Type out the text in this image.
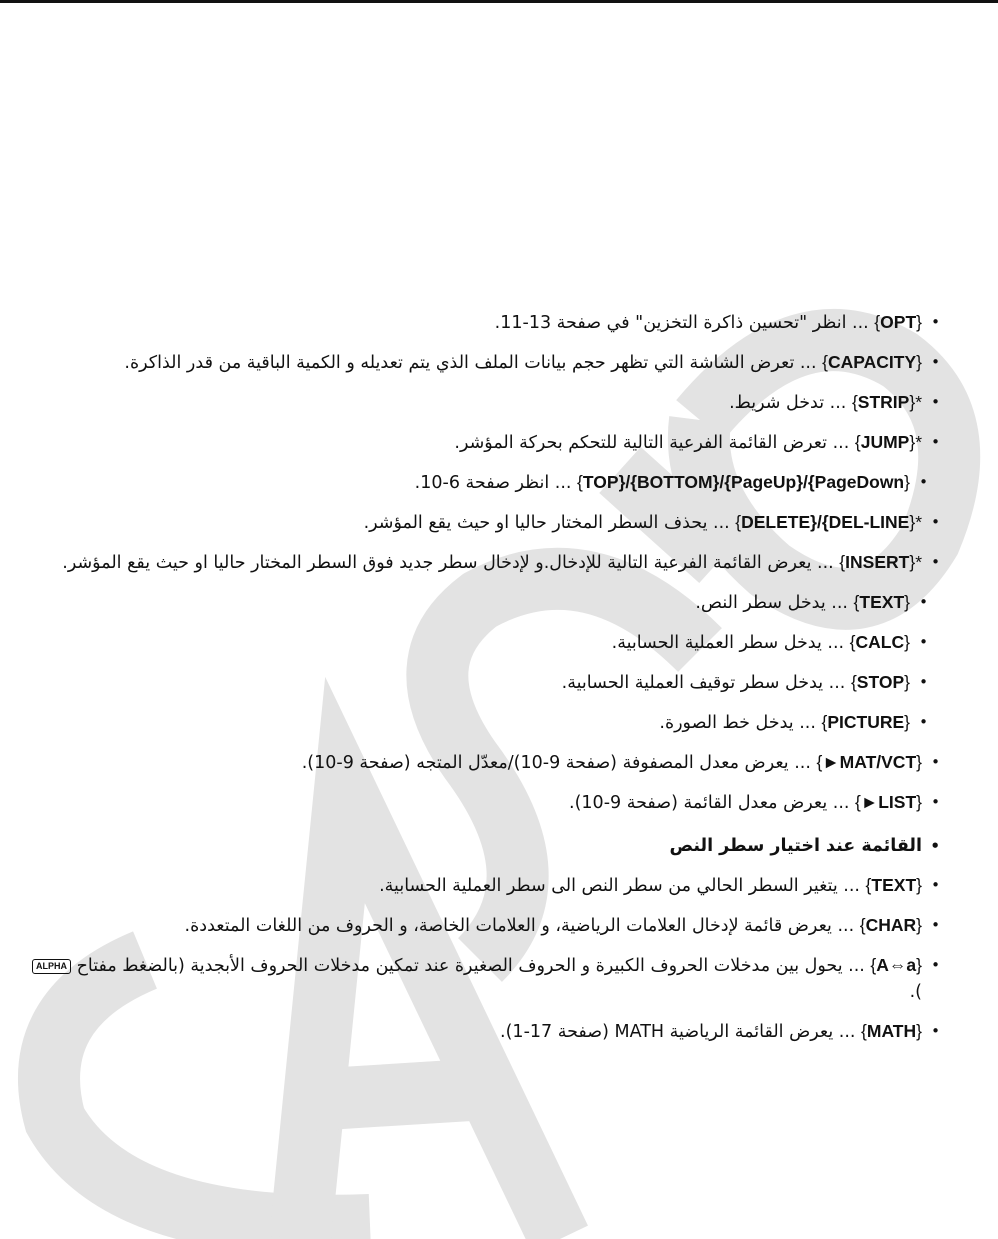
•
{OPT} ... انظر "تحسين ذاكرة التخزين" في صفحة 13-11.

•
{CAPACITY} ... تعرض الشاشة التي تظهر حجم بيانات الملف الذي يتم تعديله و الكمية الباقية من قدر الذاكرة.

•
{STRIP}* ... تدخل شريط.

•
{JUMP}* ... تعرض القائمة الفرعية التالية للتحكم بحركة المؤشر.

•
{TOP}/{BOTTOM}/{PageUp}/{PageDown} ... انظر صفحة 6-10.

•
{DELETE}/{DEL-LINE}* ... يحذف السطر المختار حاليا او حيث يقع المؤشر.

•
{INSERT}* ... يعرض القائمة الفرعية التالية للإدخال.و لإدخال سطر جديد فوق السطر المختار حاليا او حيث يقع المؤشر.

•
{TEXT} ... يدخل سطر النص.

•
{CALC} ... يدخل سطر العملية الحسابية.

•
{STOP} ... يدخل سطر توقيف العملية الحسابية.

•
{PICTURE} ... يدخل خط الصورة.

•
{►MAT/VCT} ... يعرض معدل المصفوفة (صفحة 9-10)/معدّل المتجه (صفحة 9-10).

•
{►LIST} ... يعرض معدل القائمة (صفحة 9-10).

•
القائمة عند اختيار سطر النص

•
{TEXT} ... يتغير السطر الحالي من سطر النص الى سطر العملية الحسابية.

•
{CHAR} ... يعرض قائمة لإدخال العلامات الرياضية، و العلامات الخاصة، و الحروف من اللغات المتعددة.

•
{A⇔a} ... يحول بين مدخلات الحروف الكبيرة و الحروف الصغيرة عند تمكين مدخلات الحروف الأبجدية (بالضغط مفتاح ALPHA).

•
{MATH} ... يعرض القائمة الرياضية MATH (صفحة 17-1).
